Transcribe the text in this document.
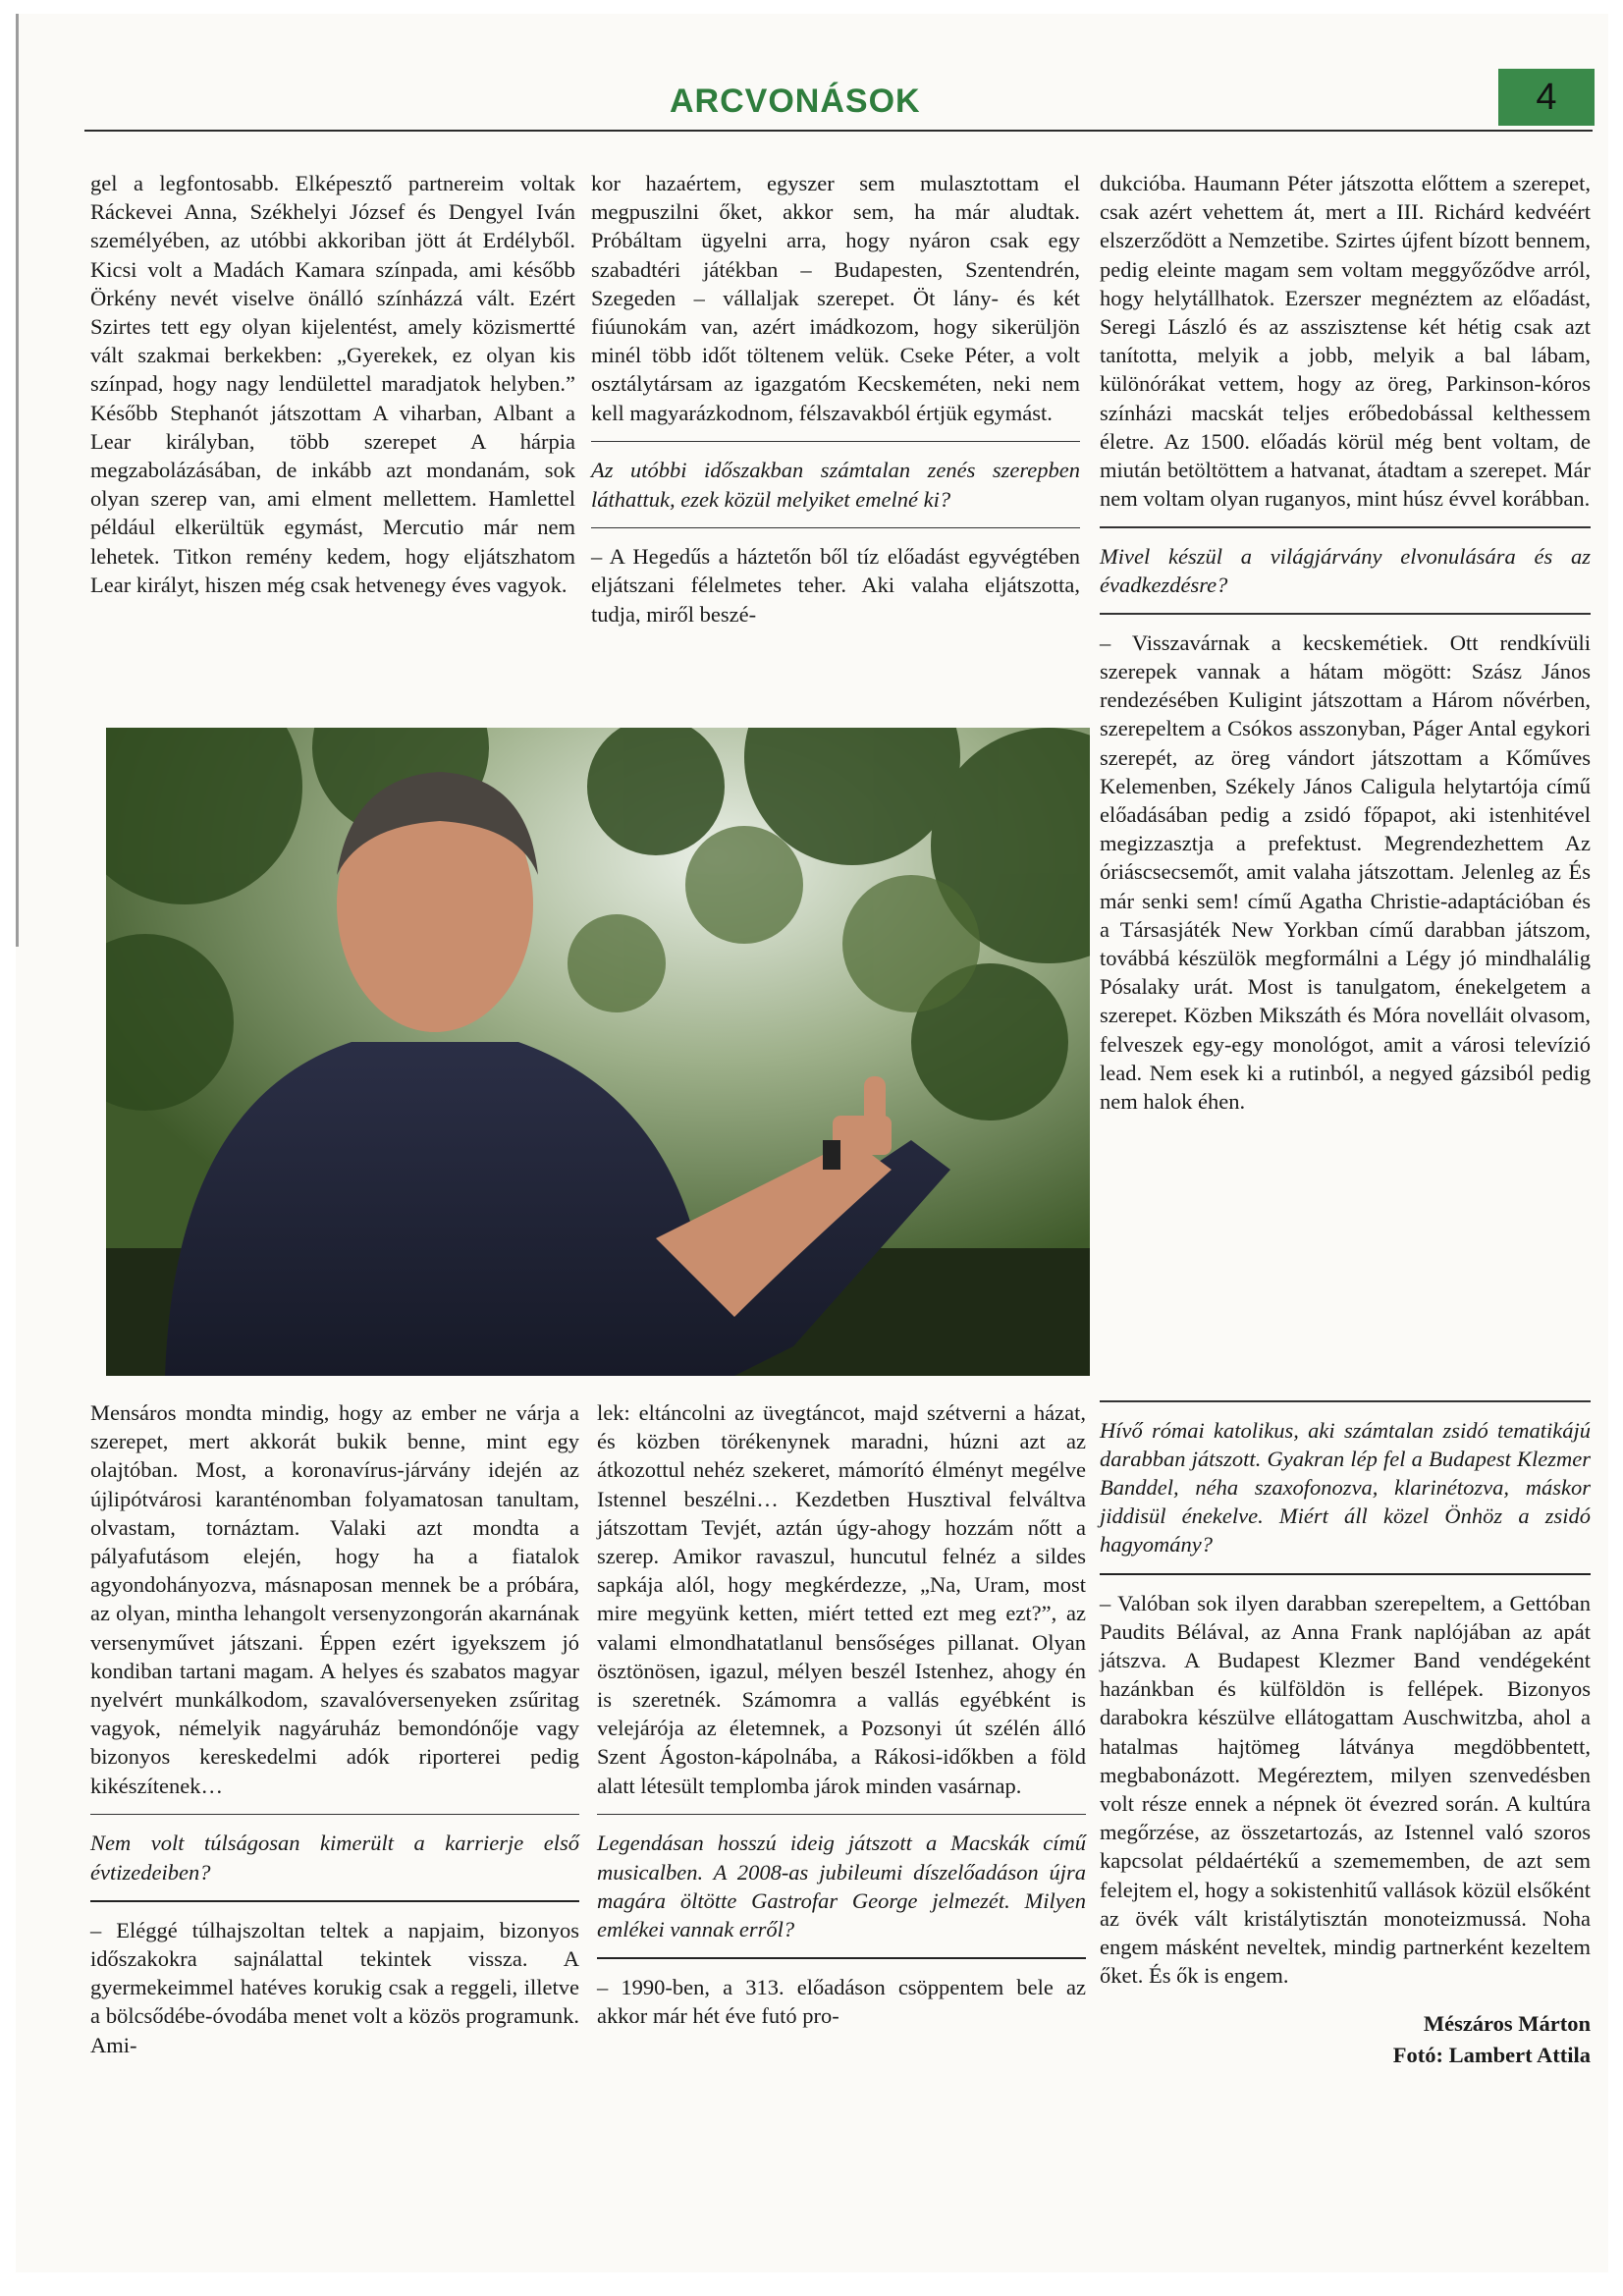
ARCVONÁSOK	4

gel a legfontosabb. Elképesztő partnereim voltak Ráckevei Anna, Székhelyi József és Dengyel Iván személyében, az utóbbi akkoriban jött át Erdélyből. Kicsi volt a Madách Kamara színpada, ami később Örkény nevét viselve önálló színházzá vált. Ezért Szirtes tett egy olyan kijelentést, amely közismertté vált szakmai berkekben: „Gyerekek, ez olyan kis színpad, hogy nagy lendülettel maradjatok helyben.” Később Stephanót játszottam A viharban, Albant a Lear királyban, több szerepet A hárpia megzabolázásában, de inkább azt mondanám, sok olyan szerep van, ami elment mellettem. Hamlettel például elkerültük egymást, Mercutio már nem lehetek. Titkon remény kedem, hogy eljátszhatom Lear királyt, hiszen még csak hetvenegy éves vagyok.

kor hazaértem, egyszer sem mulasztottam el megpuszilni őket, akkor sem, ha már aludtak. Próbáltam ügyelni arra, hogy nyáron csak egy szabadtéri játékban – Budapesten, Szentendrén, Szegeden – vállaljak szerepet. Öt lány- és két fiúunokám van, azért imádkozom, hogy sikerüljön minél több időt töltenem velük. Cseke Péter, a volt osztálytársam az igazgatóm Kecskeméten, neki nem kell magyarázkodnom, félszavakból értjük egymást.

Az utóbbi időszakban számtalan zenés szerepben láthattuk, ezek közül melyiket emelné ki?

– A Hegedűs a háztetőn ből tíz előadást egyvégtében eljátszani félelmetes teher. Aki valaha eljátszotta, tudja, miről beszé-

dukcióba. Haumann Péter játszotta előttem a szerepet, csak azért vehettem át, mert a III. Richárd kedvéért elszerződött a Nemzetibe. Szirtes újfent bízott bennem, pedig eleinte magam sem voltam meggyőződve arról, hogy helytállhatok. Ezerszer megnéztem az előadást, Seregi László és az asszisztense két hétig csak azt tanította, melyik a jobb, melyik a bal lábam, különórákat vettem, hogy az öreg, Parkinson-kóros színházi macskát teljes erőbedobással kelthessem életre. Az 1500. előadás körül még bent voltam, de miután betöltöttem a hatvanat, átadtam a szerepet. Már nem voltam olyan ruganyos, mint húsz évvel korábban.

Mivel készül a világjárvány elvonulására és az évadkezdésre?

– Visszavárnak a kecskemétiek. Ott rendkívüli szerepek vannak a hátam mögött: Szász János rendezésében Kuligint játszottam a Három nővérben, szerepeltem a Csókos asszonyban, Páger Antal egykori szerepét, az öreg vándort játszottam a Kőműves Kelemenben, Székely János Caligula helytartója című előadásában pedig a zsidó főpapot, aki istenhitével megizzasztja a prefektust. Megrendezhettem Az óriáscsecsemőt, amit valaha játszottam. Jelenleg az És már senki sem! című Agatha Christie-adaptációban és a Társasjáték New Yorkban című darabban játszom, továbbá készülök megformálni a Légy jó mindhalálig Pósalaky urát. Most is tanulgatom, énekelgetem a szerepet. Közben Mikszáth és Móra novelláit olvasom, felveszek egy-egy monológot, amit a városi televízió lead. Nem esek ki a rutinból, a negyed gázsiból pedig nem halok éhen.

Mensáros mondta mindig, hogy az ember ne várja a szerepet, mert akkorát bukik benne, mint egy olajtóban. Most, a koronavírus-járvány idején az újlipótvárosi karanténomban folyamatosan tanultam, olvastam, tornáztam. Valaki azt mondta a pályafutásom elején, hogy ha a fiatalok agyondohányozva, másnaposan mennek be a próbára, az olyan, mintha lehangolt versenyzongorán akarnának versenyművet játszani. Éppen ezért igyekszem jó kondiban tartani magam. A helyes és szabatos magyar nyelvért munkálkodom, szavalóversenyeken zsűritag vagyok, némelyik nagyáruház bemondónője vagy bizonyos kereskedelmi adók riporterei pedig kikészítenek…

Nem volt túlságosan kimerült a karrierje első évtizedeiben?

– Eléggé túlhajszoltan teltek a napjaim, bizonyos időszakokra sajnálattal tekintek vissza. A gyermekeimmel hatéves korukig csak a reggeli, illetve a bölcsődébe-óvodába menet volt a közös programunk. Ami-

lek: eltáncolni az üvegtáncot, majd szétverni a házat, és közben törékenynek maradni, húzni azt az átkozottul nehéz szekeret, mámorító élményt megélve Istennel beszélni… Kezdetben Husztival felváltva játszottam Tevjét, aztán úgy-ahogy hozzám nőtt a szerep. Amikor ravaszul, huncutul felnéz a sildes sapkája alól, hogy megkérdezze, „Na, Uram, most mire megyünk ketten, miért tetted ezt meg ezt?”, az valami elmondhatatlanul bensőséges pillanat. Olyan ösztönösen, igazul, mélyen beszél Istenhez, ahogy én is szeretnék. Számomra a vallás egyébként is velejárója az életemnek, a Pozsonyi út szélén álló Szent Ágoston-kápolnába, a Rákosi-időkben a föld alatt létesült templomba járok minden vasárnap.

Legendásan hosszú ideig játszott a Macskák című musicalben. A 2008-as jubileumi díszelőadáson újra magára öltötte Gastrofar George jelmezét. Milyen emlékei vannak erről?

– 1990-ben, a 313. előadáson csöppentem bele az akkor már hét éve futó pro-

Hívő római katolikus, aki számtalan zsidó tematikájú darabban játszott. Gyakran lép fel a Budapest Klezmer Banddel, néha szaxofonozva, klarinétozva, máskor jiddisül énekelve. Miért áll közel Önhöz a zsidó hagyomány?

– Valóban sok ilyen darabban szerepeltem, a Gettóban Paudits Bélával, az Anna Frank naplójában az apát játszva. A Budapest Klezmer Band vendégeként hazánkban és külföldön is fellépek. Bizonyos darabokra készülve ellátogattam Auschwitzba, ahol a hatalmas hajtömeg látványa megdöbbentett, megbabonázott. Megéreztem, milyen szenvedésben volt része ennek a népnek öt évezred során. A kultúra megőrzése, az összetartozás, az Istennel való szoros kapcsolat példaértékű a szemememben, de azt sem felejtem el, hogy a sokistenhitű vallások közül elsőként az övék vált kristálytisztán monoteizmussá. Noha engem másként neveltek, mindig partnerként kezeltem őket. És ők is engem.

Mészáros Márton
Fotó: Lambert Attila
